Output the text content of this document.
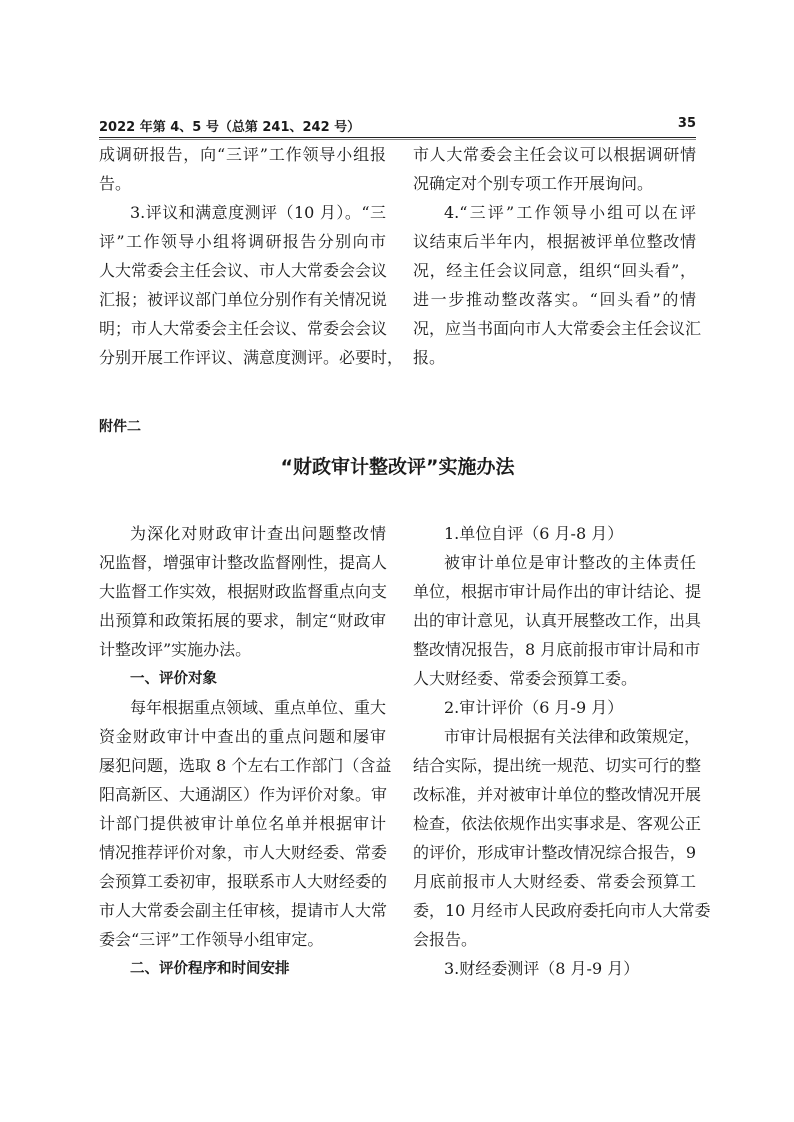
2022 年第 4、5 号（总第 241、242 号）	35
成调研报告，向“三评”工作领导小组报
告。
3.评议和满意度测评（10 月）。“三
评”工作领导小组将调研报告分别向市
人大常委会主任会议、市人大常委会会议
汇报；被评议部门单位分别作有关情况说
明；市人大常委会主任会议、常委会会议
分别开展工作评议、满意度测评。必要时，
市人大常委会主任会议可以根据调研情
况确定对个别专项工作开展询问。
4.“三评”工作领导小组可以在评
议结束后半年内，根据被评单位整改情
况，经主任会议同意，组织“回头看”，
进一步推动整改落实。“回头看”的情
况，应当书面向市人大常委会主任会议汇
报。
附件二
“财政审计整改评”实施办法
为深化对财政审计查出问题整改情
况监督，增强审计整改监督刚性，提高人
大监督工作实效，根据财政监督重点向支
出预算和政策拓展的要求，制定“财政审
计整改评”实施办法。
一、评价对象
每年根据重点领域、重点单位、重大
资金财政审计中查出的重点问题和屡审
屡犯问题，选取 8 个左右工作部门（含益
阳高新区、大通湖区）作为评价对象。审
计部门提供被审计单位名单并根据审计
情况推荐评价对象，市人大财经委、常委
会预算工委初审，报联系市人大财经委的
市人大常委会副主任审核，提请市人大常
委会“三评”工作领导小组审定。
二、评价程序和时间安排
1.单位自评（6 月-8 月）
被审计单位是审计整改的主体责任
单位，根据市审计局作出的审计结论、提
出的审计意见，认真开展整改工作，出具
整改情况报告，8 月底前报市审计局和市
人大财经委、常委会预算工委。
2.审计评价（6 月-9 月）
市审计局根据有关法律和政策规定，
结合实际，提出统一规范、切实可行的整
改标准，并对被审计单位的整改情况开展
检查，依法依规作出实事求是、客观公正
的评价，形成审计整改情况综合报告，9
月底前报市人大财经委、常委会预算工
委，10 月经市人民政府委托向市人大常委
会报告。
3.财经委测评（8 月-9 月）
